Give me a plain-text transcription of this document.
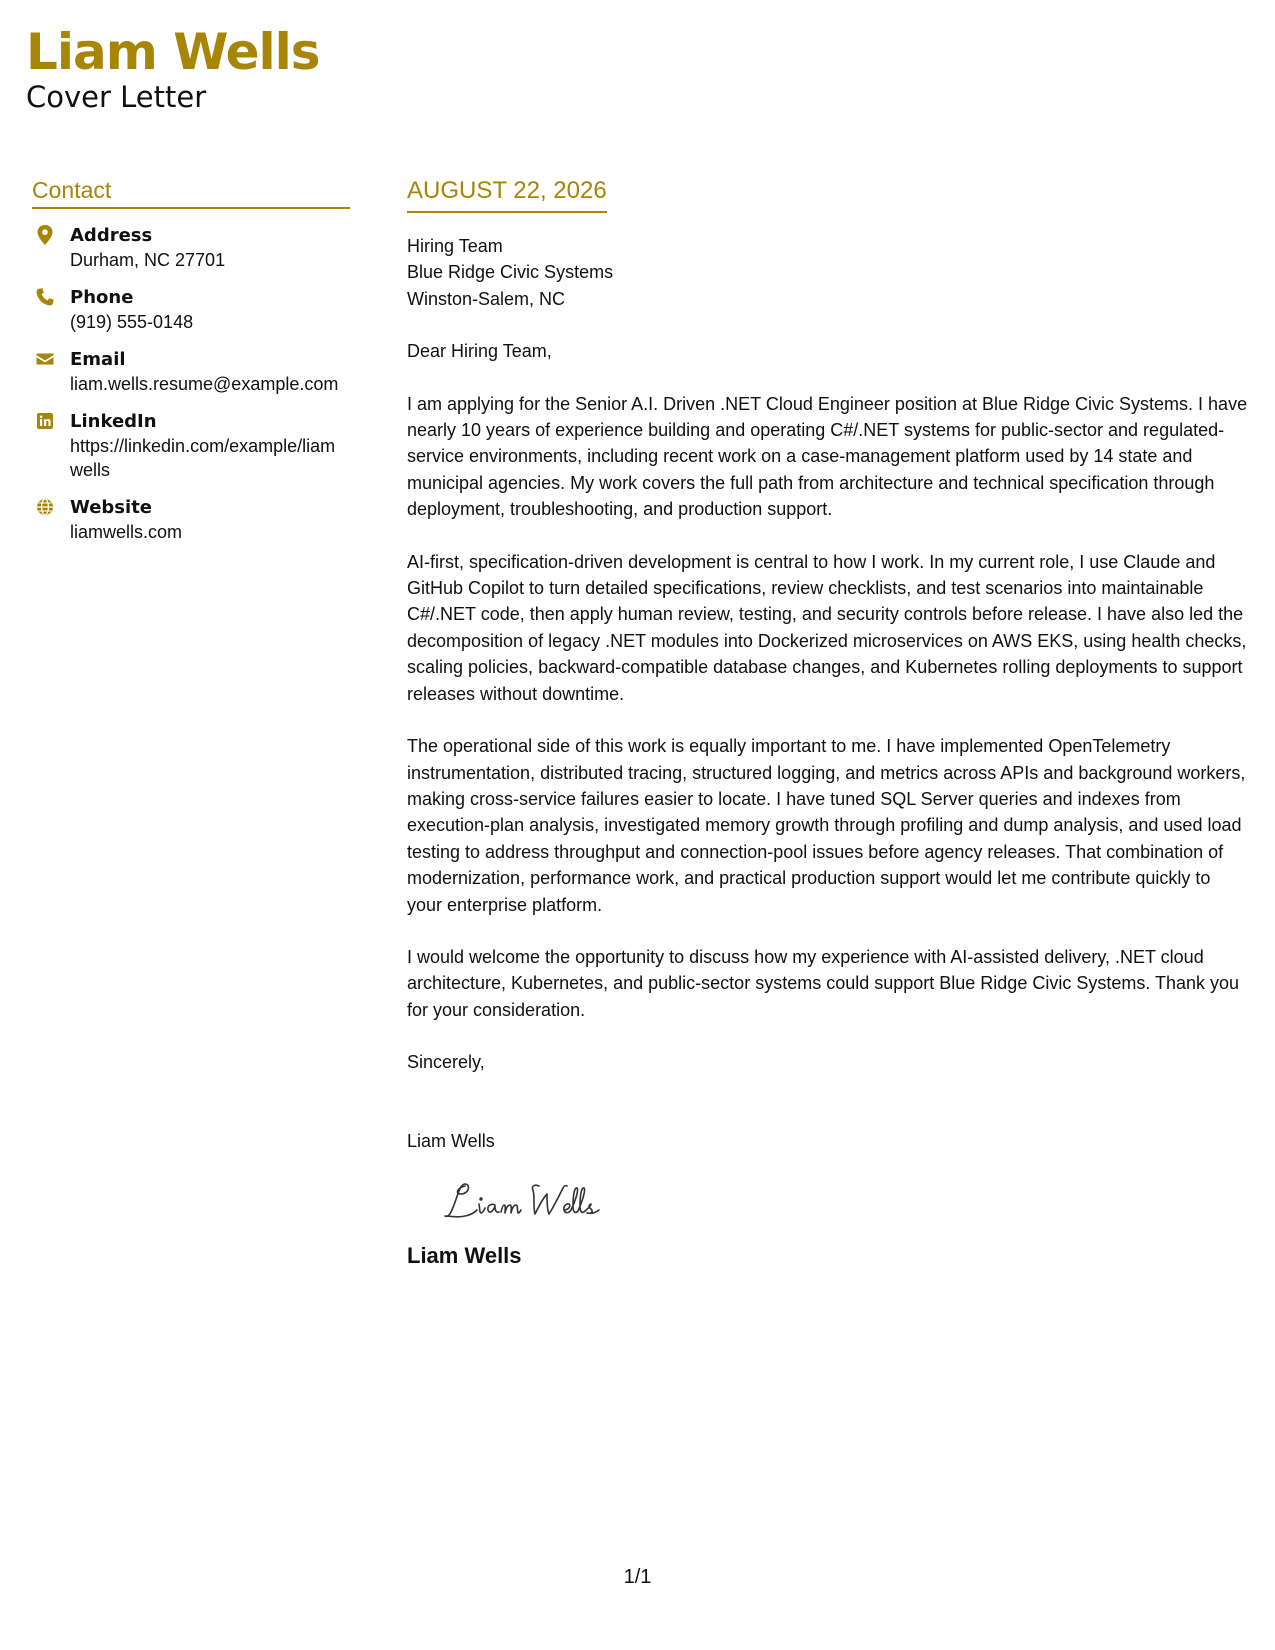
Liam Wells
Cover Letter
Contact
Address
Durham, NC 27701
Phone
(919) 555-0148
Email
liam.wells.resume@example.com
LinkedIn
https://linkedin.com/example/liamwells
Website
liamwells.com
AUGUST 22, 2026
Hiring Team
Blue Ridge Civic Systems
Winston-Salem, NC
Dear Hiring Team,
I am applying for the Senior A.I. Driven .NET Cloud Engineer position at Blue Ridge Civic Systems. I have nearly 10 years of experience building and operating C#/.NET systems for public-sector and regulated-service environments, including recent work on a case-management platform used by 14 state and municipal agencies. My work covers the full path from architecture and technical specification through deployment, troubleshooting, and production support.
AI-first, specification-driven development is central to how I work. In my current role, I use Claude and GitHub Copilot to turn detailed specifications, review checklists, and test scenarios into maintainable C#/.NET code, then apply human review, testing, and security controls before release. I have also led the decomposition of legacy .NET modules into Dockerized microservices on AWS EKS, using health checks, scaling policies, backward-compatible database changes, and Kubernetes rolling deployments to support releases without downtime.
The operational side of this work is equally important to me. I have implemented OpenTelemetry instrumentation, distributed tracing, structured logging, and metrics across APIs and background workers, making cross-service failures easier to locate. I have tuned SQL Server queries and indexes from execution-plan analysis, investigated memory growth through profiling and dump analysis, and used load testing to address throughput and connection-pool issues before agency releases. That combination of modernization, performance work, and practical production support would let me contribute quickly to your enterprise platform.
I would welcome the opportunity to discuss how my experience with AI-assisted delivery, .NET cloud architecture, Kubernetes, and public-sector systems could support Blue Ridge Civic Systems. Thank you for your consideration.
Sincerely,
Liam Wells
Liam Wells
1/1
